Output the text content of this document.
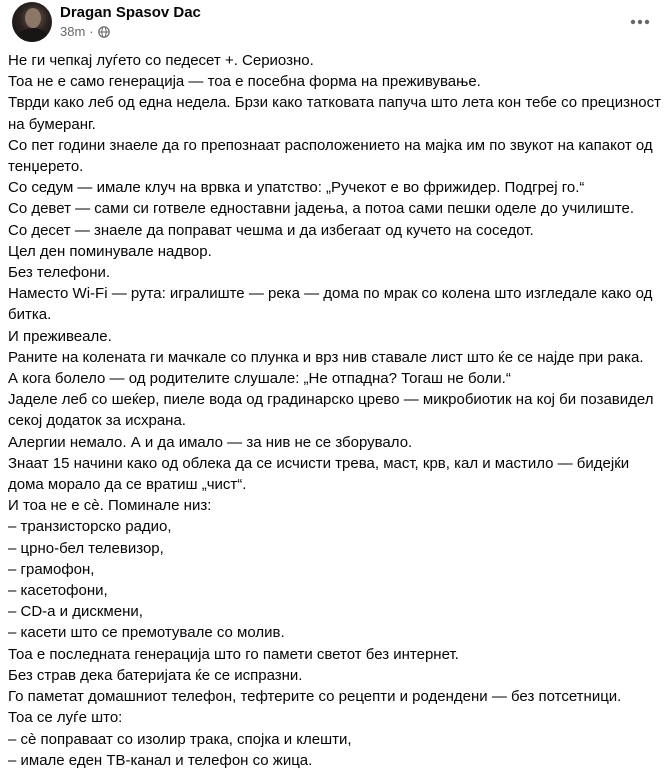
Dragan Spasov Dac
38m ·

Не ги чепкај луѓето со педесет +. Сериозно.

Тоа не е само генерација — тоа е посебна форма на преживување.

Тврди како леб од една недела. Брзи како татковата папуча што лета кон тебе со прецизност на бумеранг.

Со пет години знаеле да го препознаат расположението на мајка им по звукот на капакот од тенџерето.

Со седум — имале клуч на врвка и упатство: „Ручекот е во фрижидер. Подгреј го.“

Со девет — сами си готвеле едноставни јадења, а потоа сами пешки оделе до училиште.

Со десет — знаеле да поправат чешма и да избегаат од кучето на соседот.

Цел ден поминувале надвор.

Без телефони.

Наместо Wi-Fi — рута: игралиште — река — дома по мрак со колена што изгледале како од битка.

И преживеале.

Раните на колената ги мачкале со плунка и врз нив ставале лист што ќе се најде при рака.

А кога болело — од родителите слушале: „Не отпадна? Тогаш не боли.“

Јаделе леб со шеќер, пиеле вода од градинарско црево — микробиотик на кој би позавидел секој додаток за исхрана.

Алергии немало. А и да имало — за нив не се зборувало.

Знаат 15 начини како од облека да се исчисти трева, маст, крв, кал и мастило — бидејќи дома морало да се вратиш „чист“.

И тоа не е сè. Поминале низ:

– транзисторско радио,

– црно-бел телевизор,

– грамофон,

– касетофони,

– CD-а и дискмени,

– касети што се премотувале со молив.

Тоа е последната генерација што го памети светот без интернет.

Без страв дека батеријата ќе се испразни.

Го паметат домашниот телефон, тефтерите со рецепти и родендени — без потсетници.

Тоа се луѓе што:

– сè поправаат со изолир трака, спојка и клешти,

– имале еден ТВ-канал и телефон со жица.
